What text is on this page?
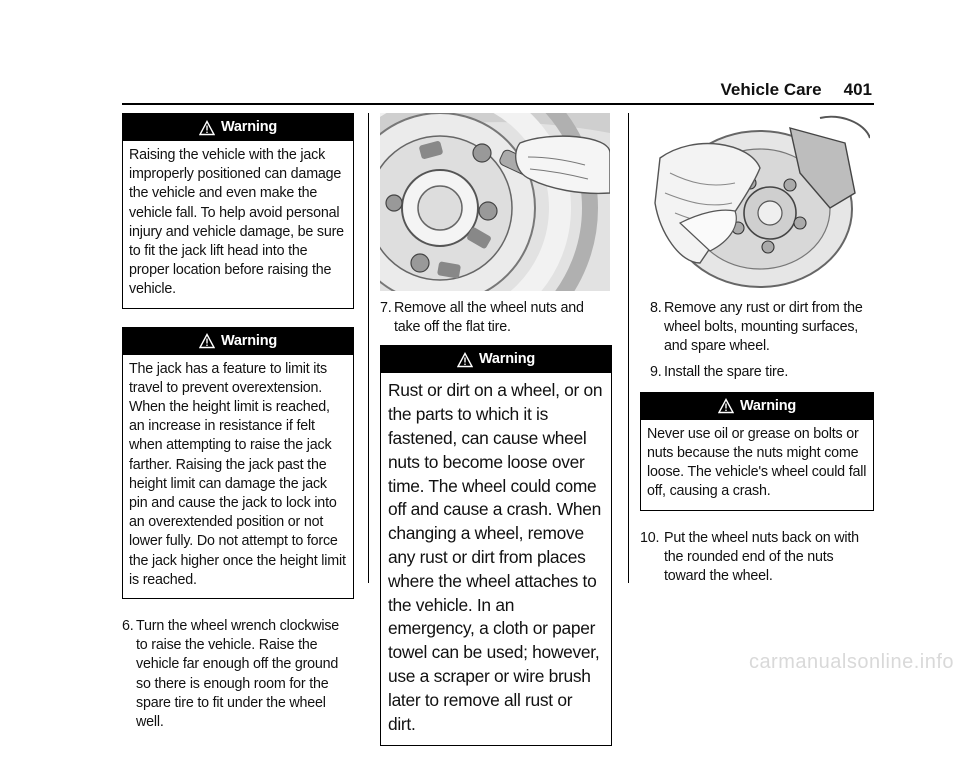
Vehicle Care 401
Warning
Raising the vehicle with the jack improperly positioned can damage the vehicle and even make the vehicle fall. To help avoid personal injury and vehicle damage, be sure to fit the jack lift head into the proper location before raising the vehicle.
Warning
The jack has a feature to limit its travel to prevent overextension. When the height limit is reached, an increase in resistance if felt when attempting to raise the jack farther. Raising the jack past the height limit can damage the jack pin and cause the jack to lock into an overextended position or not lower fully. Do not attempt to force the jack higher once the height limit is reached.
6. Turn the wheel wrench clockwise to raise the vehicle. Raise the vehicle far enough off the ground so there is enough room for the spare tire to fit under the wheel well.
7. Remove all the wheel nuts and take off the flat tire.
Warning
Rust or dirt on a wheel, or on the parts to which it is fastened, can cause wheel nuts to become loose over time. The wheel could come off and cause a crash. When changing a wheel, remove any rust or dirt from places where the wheel attaches to the vehicle. In an emergency, a cloth or paper towel can be used; however, use a scraper or wire brush later to remove all rust or dirt.
8. Remove any rust or dirt from the wheel bolts, mounting surfaces, and spare wheel.
9. Install the spare tire.
Warning
Never use oil or grease on bolts or nuts because the nuts might come loose. The vehicle's wheel could fall off, causing a crash.
10. Put the wheel nuts back on with the rounded end of the nuts toward the wheel.
carmanualsonline.info
